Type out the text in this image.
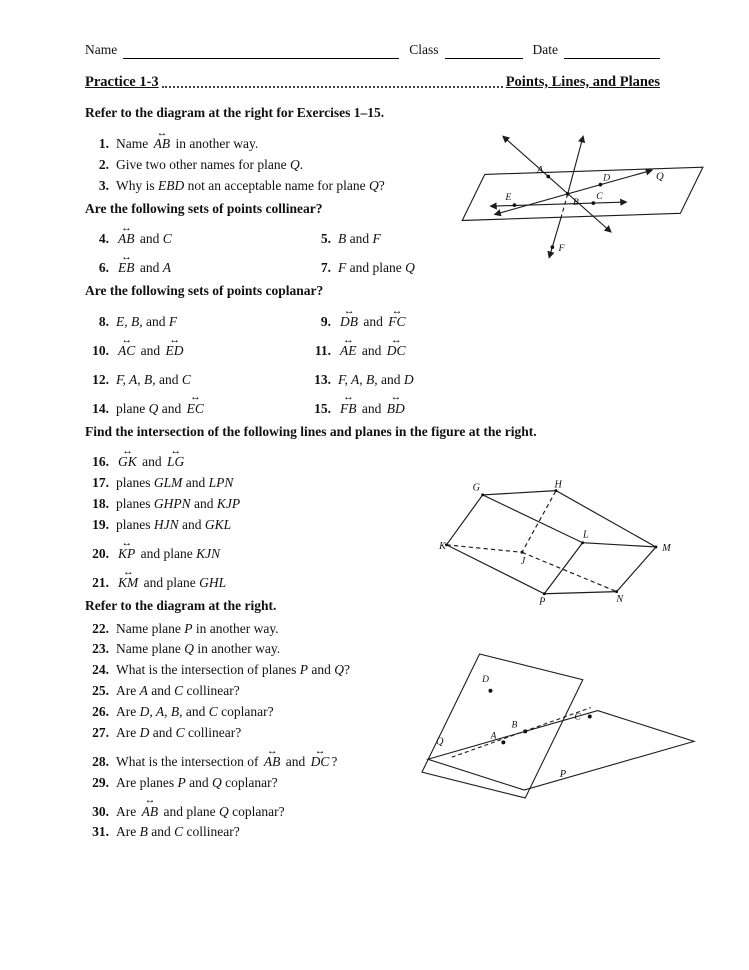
Name	Class	Date
Practice 1-3	Points, Lines, and Planes
Refer to the diagram at the right for Exercises 1–15.
1. Name AB ↔ in another way.
2. Give two other names for plane Q.
3. Why is EBD not an acceptable name for plane Q?
Are the following sets of points collinear?
4. AB ↔ and C	5. B and F
6. EB ↔ and A	7. F and plane Q
Are the following sets of points coplanar?
8. E, B, and F	9. DB ↔ and FC ↔
10. AC ↔ and ED ↔	11. AE ↔ and DC ↔
12. F, A, B, and C	13. F, A, B, and D
14. plane Q and EC ↔	15. FB ↔ and BD ↔
Find the intersection of the following lines and planes in the figure at the right.
16. GK ↔ and LG ↔
17. planes GLM and LPN
18. planes GHPN and KJP
19. planes HJN and GKL
20. KP ↔ and plane KJN
21. KM ↔ and plane GHL
Refer to the diagram at the right.
22. Name plane P in another way.
23. Name plane Q in another way.
24. What is the intersection of planes P and Q?
25. Are A and C collinear?
26. Are D, A, B, and C coplanar?
27. Are D and C collinear?
28. What is the intersection of AB ↔ and DC ↔ ?
29. Are planes P and Q coplanar?
30. Are AB ↔ and plane Q coplanar?
31. Are B and C collinear?
A
B
C
D
E
F
Q
G	H
K
J
L
M
N
P
D
B
C
A
Q
P
